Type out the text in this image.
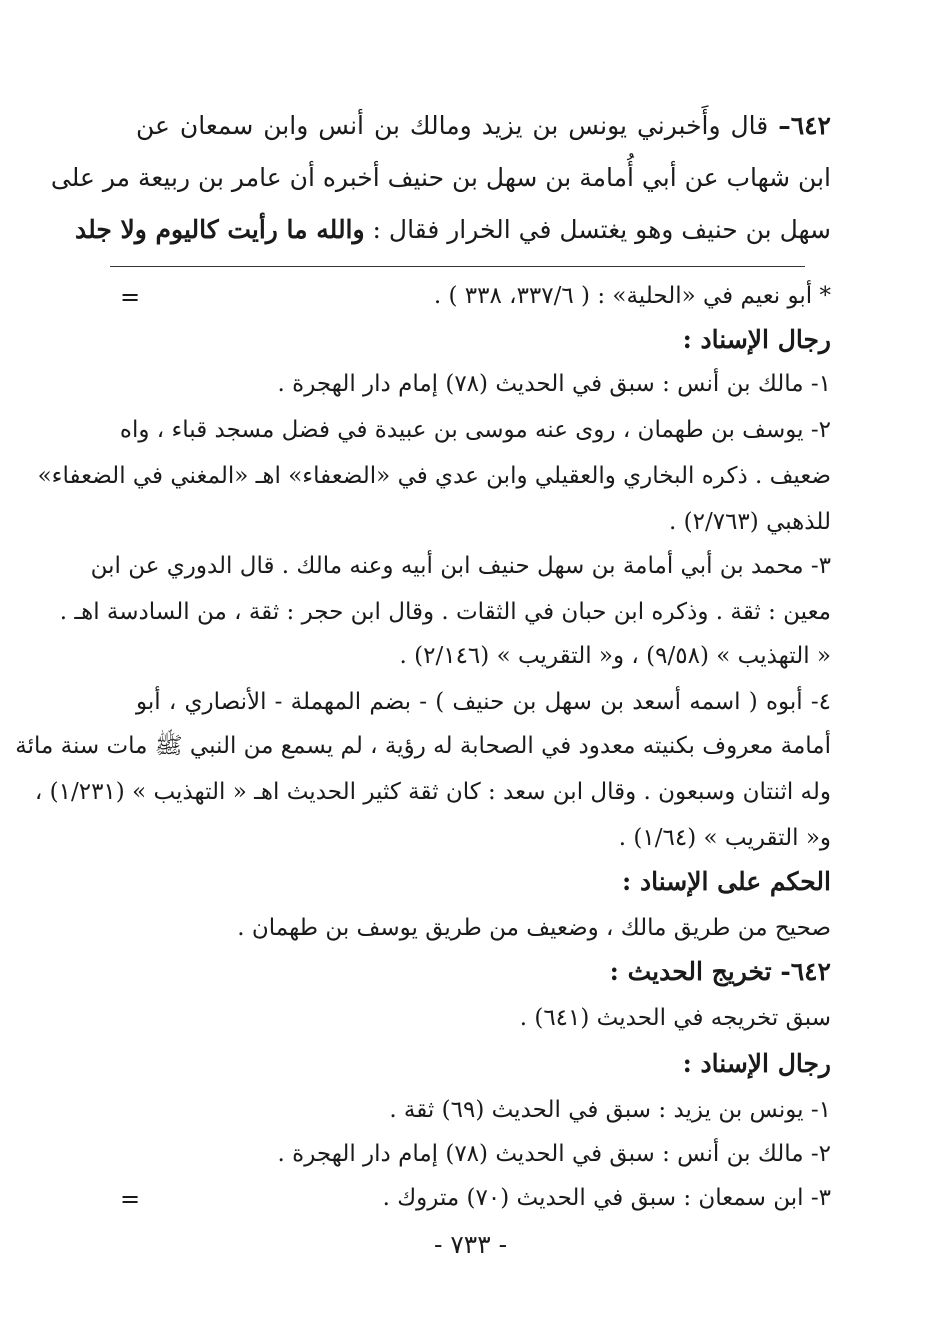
٦٤٢– قال وأَخبرني يونس بن يزيد ومالك بن أنس وابن سمعان عن
ابن شهاب عن أبي أُمامة بن سهل بن حنيف أخبره أن عامر بن ربيعة مر على
سهل بن حنيف وهو يغتسل في الخرار فقال : والله ما رأيت كاليوم ولا جلد
* أبو نعيم في «الحلية» : ( ٣٣٧/٦، ٣٣٨ ) .
=
رجال الإسناد :
١- مالك بن أنس : سبق في الحديث (٧٨) إمام دار الهجرة .
٢- يوسف بن طهمان ، روى عنه موسى بن عبيدة في فضل مسجد قباء ، واه
ضعيف . ذكره البخاري والعقيلي وابن عدي في «الضعفاء» اهـ «المغني في الضعفاء»
للذهبي (٢/٧٦٣) .
٣- محمد بن أبي أمامة بن سهل حنيف ابن أبيه وعنه مالك . قال الدوري عن ابن
معين : ثقة . وذكره ابن حبان في الثقات . وقال ابن حجر : ثقة ، من السادسة اهـ .
« التهذيب » (٩/٥٨) ، و« التقريب » (٢/١٤٦) .
٤- أبوه ( اسمه أسعد بن سهل بن حنيف ) - بضم المهملة - الأنصاري ، أبو
أمامة معروف بكنيته معدود في الصحابة له رؤية ، لم يسمع من النبي ﷺ مات سنة مائة
وله اثنتان وسبعون . وقال ابن سعد : كان ثقة كثير الحديث اهـ « التهذيب » (١/٢٣١) ،
و« التقريب » (١/٦٤) .
الحكم على الإسناد :
صحيح من طريق مالك ، وضعيف من طريق يوسف بن طهمان .
٦٤٢- تخريج الحديث :
سبق تخريجه في الحديث (٦٤١) .
رجال الإسناد :
١- يونس بن يزيد : سبق في الحديث (٦٩) ثقة .
٢- مالك بن أنس : سبق في الحديث (٧٨) إمام دار الهجرة .
٣- ابن سمعان : سبق في الحديث (٧٠) متروك .
=
- ٧٣٣ -
